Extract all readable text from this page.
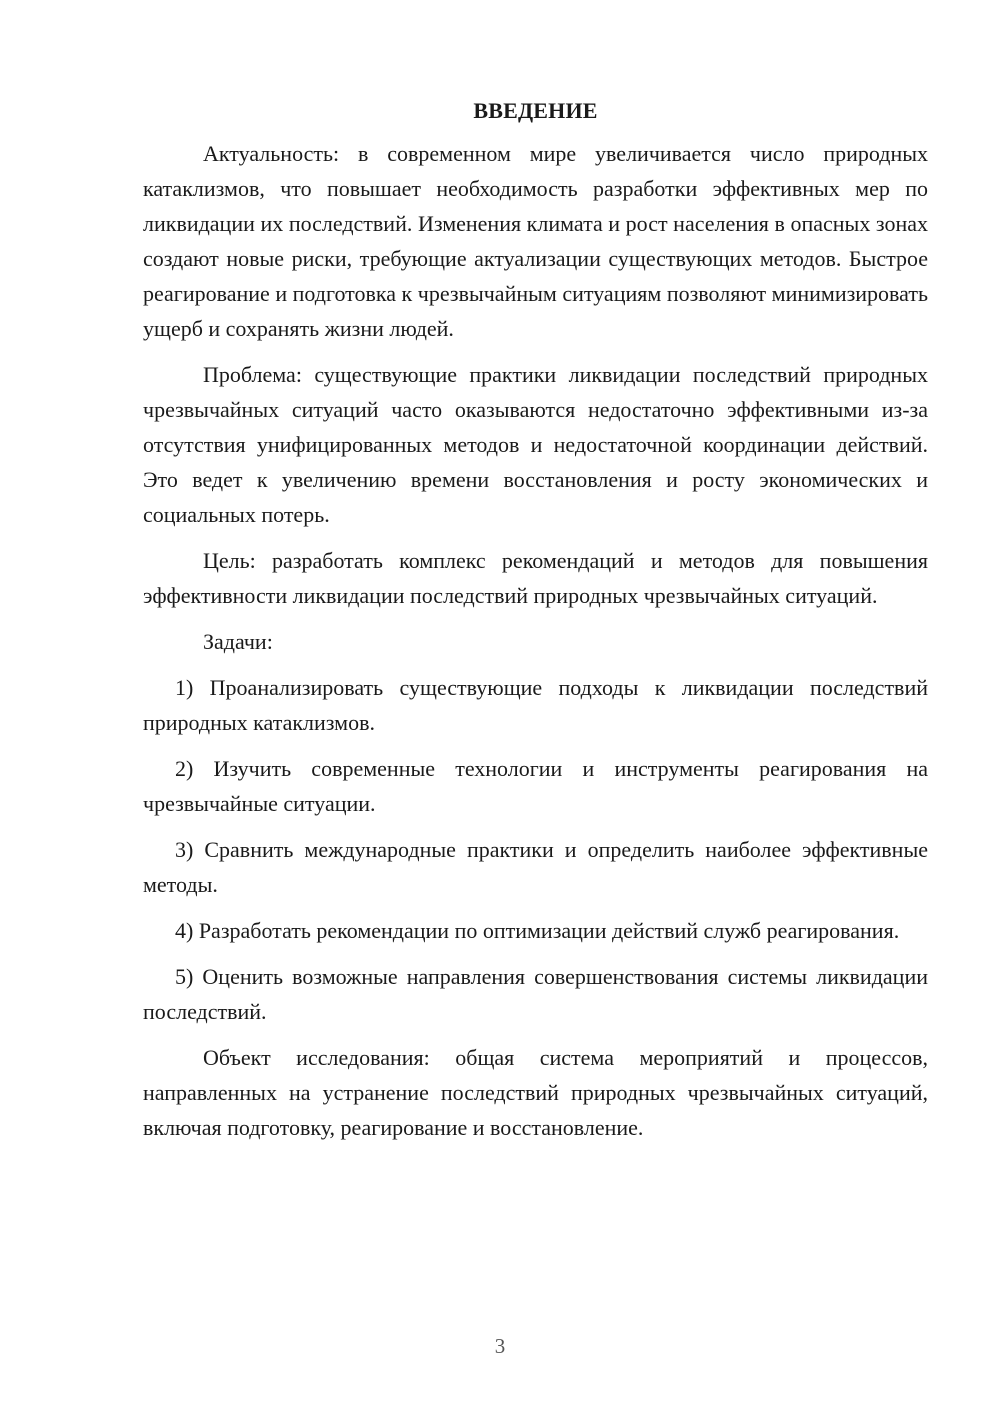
ВВЕДЕНИЕ

Актуальность: в современном мире увеличивается число природных катаклизмов, что повышает необходимость разработки эффективных мер по ликвидации их последствий. Изменения климата и рост населения в опасных зонах создают новые риски, требующие актуализации существующих методов. Быстрое реагирование и подготовка к чрезвычайным ситуациям позволяют минимизировать ущерб и сохранять жизни людей.

Проблема: существующие практики ликвидации последствий природных чрезвычайных ситуаций часто оказываются недостаточно эффективными из-за отсутствия унифицированных методов и недостаточной координации действий. Это ведет к увеличению времени восстановления и росту экономических и социальных потерь.

Цель: разработать комплекс рекомендаций и методов для повышения эффективности ликвидации последствий природных чрезвычайных ситуаций.

Задачи:

1) Проанализировать существующие подходы к ликвидации последствий природных катаклизмов.

2) Изучить современные технологии и инструменты реагирования на чрезвычайные ситуации.

3) Сравнить международные практики и определить наиболее эффективные методы.

4) Разработать рекомендации по оптимизации действий служб реагирования.

5) Оценить возможные направления совершенствования системы ликвидации последствий.

Объект исследования: общая система мероприятий и процессов, направленных на устранение последствий природных чрезвычайных ситуаций, включая подготовку, реагирование и восстановление.

3
